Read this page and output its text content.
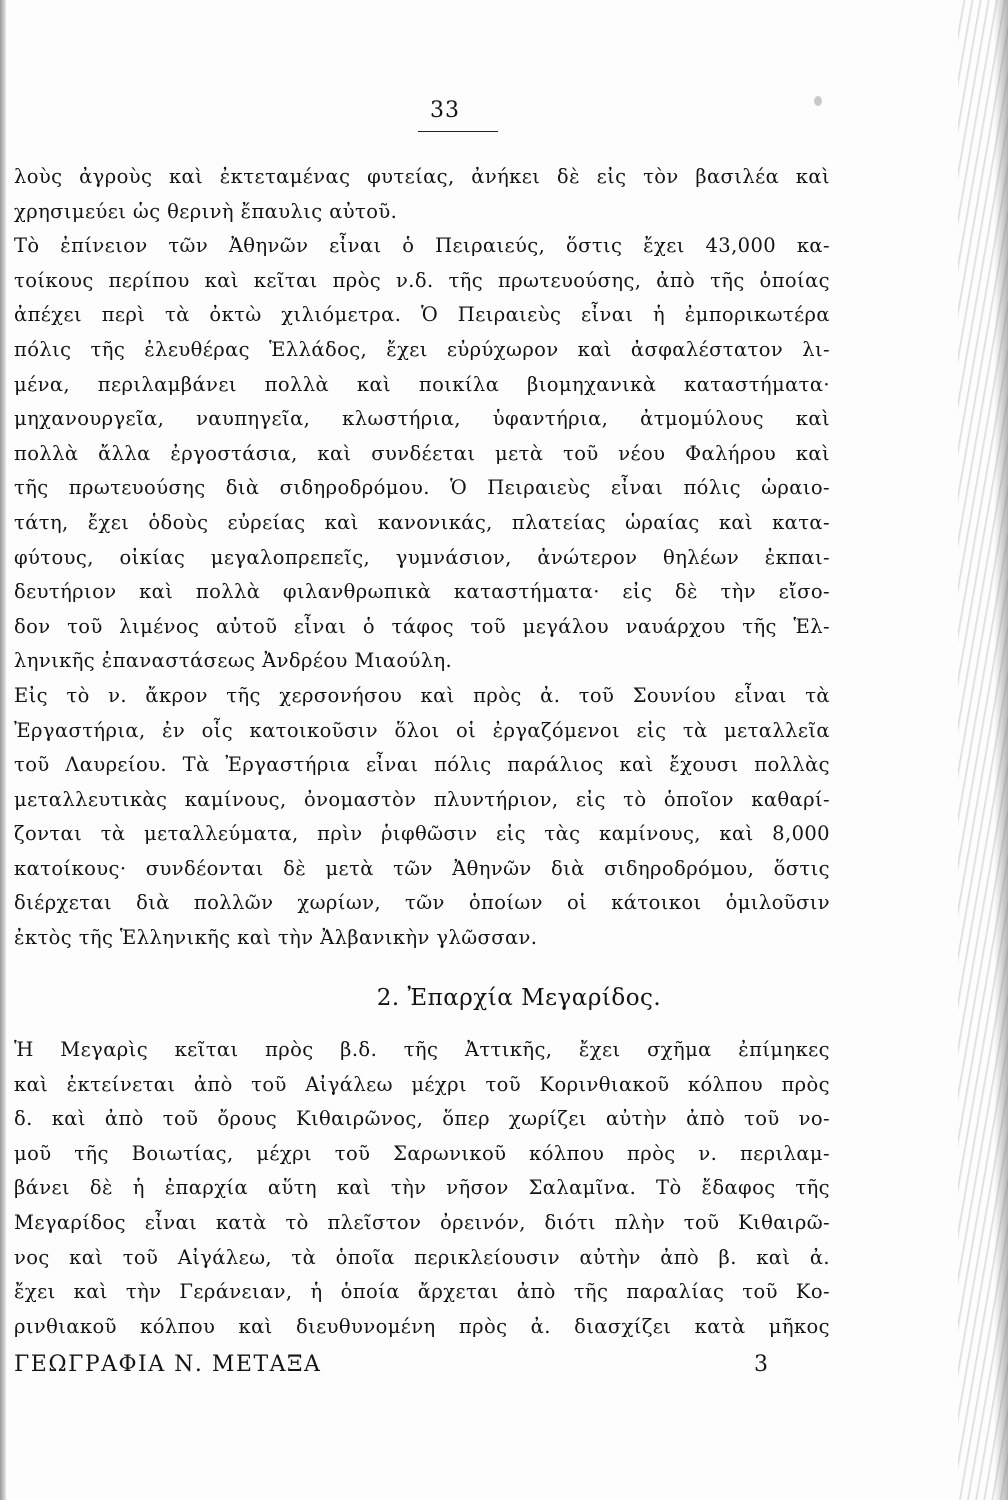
33
λοὺς ἀγροὺς καὶ ἐκτεταμένας φυτείας, ἀνήκει δὲ εἰς τὸν βασιλέα καὶ
χρησιμεύει ὡς θερινὴ ἔπαυλις αὐτοῦ.
Τὸ ἐπίνειον τῶν Ἀθηνῶν εἶναι ὁ Πειραιεύς, ὅστις ἔχει 43,000 κα-
τοίκους περίπου καὶ κεῖται πρὸς ν.δ. τῆς πρωτευούσης, ἀπὸ τῆς ὁποίας
ἀπέχει περὶ τὰ ὀκτὼ χιλιόμετρα. Ὁ Πειραιεὺς εἶναι ἡ ἐμπορικωτέρα
πόλις τῆς ἐλευθέρας Ἑλλάδος, ἔχει εὐρύχωρον καὶ ἀσφαλέστατον λι-
μένα, περιλαμβάνει πολλὰ καὶ ποικίλα βιομηχανικὰ καταστήματα·
μηχανουργεῖα, ναυπηγεῖα, κλωστήρια, ὑφαντήρια, ἀτμομύλους καὶ
πολλὰ ἄλλα ἐργοστάσια, καὶ συνδέεται μετὰ τοῦ νέου Φαλήρου καὶ
τῆς πρωτευούσης διὰ σιδηροδρόμου. Ὁ Πειραιεὺς εἶναι πόλις ὡραιο-
τάτη, ἔχει ὁδοὺς εὐρείας καὶ κανονικάς, πλατείας ὡραίας καὶ κατα-
φύτους, οἰκίας μεγαλοπρεπεῖς, γυμνάσιον, ἀνώτερον θηλέων ἐκπαι-
δευτήριον καὶ πολλὰ φιλανθρωπικὰ καταστήματα· εἰς δὲ τὴν εἴσο-
δον τοῦ λιμένος αὐτοῦ εἶναι ὁ τάφος τοῦ μεγάλου ναυάρχου τῆς Ἑλ-
ληνικῆς ἐπαναστάσεως Ἀνδρέου Μιαούλη.
Εἰς τὸ ν. ἄκρον τῆς χερσονήσου καὶ πρὸς ἀ. τοῦ Σουνίου εἶναι τὰ
Ἐργαστήρια, ἐν οἷς κατοικοῦσιν ὅλοι οἱ ἐργαζόμενοι εἰς τὰ μεταλλεῖα
τοῦ Λαυρείου. Τὰ Ἐργαστήρια εἶναι πόλις παράλιος καὶ ἔχουσι πολλὰς
μεταλλευτικὰς καμίνους, ὀνομαστὸν πλυντήριον, εἰς τὸ ὁποῖον καθαρί-
ζονται τὰ μεταλλεύματα, πρὶν ῥιφθῶσιν εἰς τὰς καμίνους, καὶ 8,000
κατοίκους· συνδέονται δὲ μετὰ τῶν Ἀθηνῶν διὰ σιδηροδρόμου, ὅστις
διέρχεται διὰ πολλῶν χωρίων, τῶν ὁποίων οἱ κάτοικοι ὁμιλοῦσιν
ἐκτὸς τῆς Ἑλληνικῆς καὶ τὴν Ἀλβανικὴν γλῶσσαν.
2. Ἐπαρχία Μεγαρίδος.
Ἡ Μεγαρὶς κεῖται πρὸς β.δ. τῆς Ἀττικῆς, ἔχει σχῆμα ἐπίμηκες
καὶ ἐκτείνεται ἀπὸ τοῦ Αἰγάλεω μέχρι τοῦ Κορινθιακοῦ κόλπου πρὸς
δ. καὶ ἀπὸ τοῦ ὄρους Κιθαιρῶνος, ὅπερ χωρίζει αὐτὴν ἀπὸ τοῦ νο-
μοῦ τῆς Βοιωτίας, μέχρι τοῦ Σαρωνικοῦ κόλπου πρὸς ν. περιλαμ-
βάνει δὲ ἡ ἐπαρχία αὕτη καὶ τὴν νῆσον Σαλαμῖνα. Τὸ ἔδαφος τῆς
Μεγαρίδος εἶναι κατὰ τὸ πλεῖστον ὀρεινόν, διότι πλὴν τοῦ Κιθαιρῶ-
νος καὶ τοῦ Αἰγάλεω, τὰ ὁποῖα περικλείουσιν αὐτὴν ἀπὸ β. καὶ ἀ.
ἔχει καὶ τὴν Γεράνειαν, ἡ ὁποία ἄρχεται ἀπὸ τῆς παραλίας τοῦ Κο-
ρινθιακοῦ κόλπου καὶ διευθυνομένη πρὸς ἀ. διασχίζει κατὰ μῆκος
ΓΕΩΓΡΑΦΙΑ Ν. ΜΕΤΑΞΑ	3
